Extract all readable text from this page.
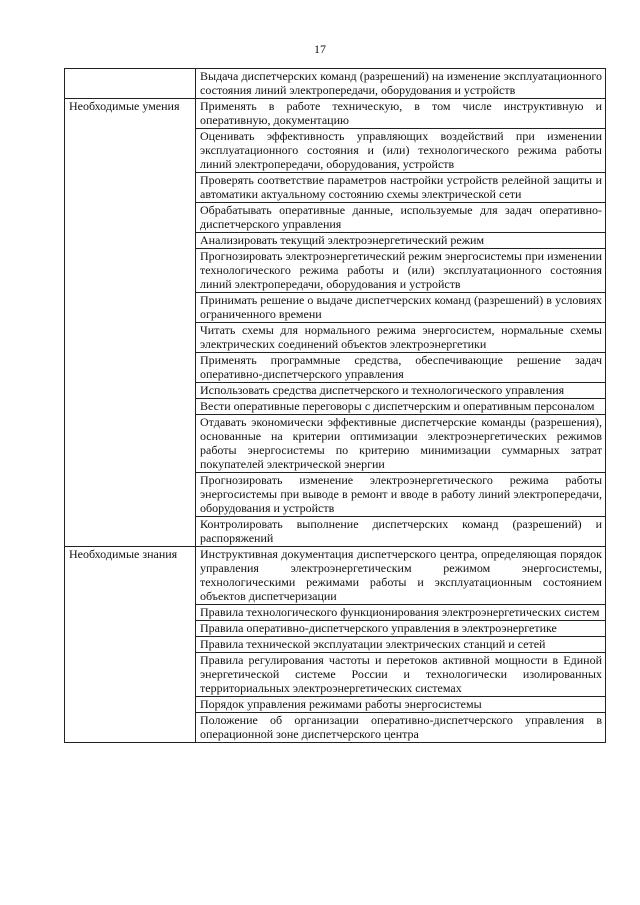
17
	Выдача диспетчерских команд (разрешений) на изменение эксплуатационного состояния линий электропередачи, оборудования и устройств
Необходимые умения	Применять в работе техническую, в том числе инструктивную и оперативную, документацию
	Оценивать эффективность управляющих воздействий при изменении эксплуатационного состояния и (или) технологического режима работы линий электропередачи, оборудования, устройств
	Проверять соответствие параметров настройки устройств релейной защиты и автоматики актуальному состоянию схемы электрической сети
	Обрабатывать оперативные данные, используемые для задач оперативно-диспетчерского управления
	Анализировать текущий электроэнергетический режим
	Прогнозировать электроэнергетический режим энергосистемы при изменении технологического режима работы и (или) эксплуатационного состояния линий электропередачи, оборудования и устройств
	Принимать решение о выдаче диспетчерских команд (разрешений) в условиях ограниченного времени
	Читать схемы для нормального режима энергосистем, нормальные схемы электрических соединений объектов электроэнергетики
	Применять программные средства, обеспечивающие решение задач оперативно-диспетчерского управления
	Использовать средства диспетчерского и технологического управления
	Вести оперативные переговоры с диспетчерским и оперативным персоналом
	Отдавать экономически эффективные диспетчерские команды (разрешения), основанные на критерии оптимизации электроэнергетических режимов работы энергосистемы по критерию минимизации суммарных затрат покупателей электрической энергии
	Прогнозировать изменение электроэнергетического режима работы энергосистемы при выводе в ремонт и вводе в работу линий электропередачи, оборудования и устройств
	Контролировать выполнение диспетчерских команд (разрешений) и распоряжений
Необходимые знания	Инструктивная документация диспетчерского центра, определяющая порядок управления электроэнергетическим режимом энергосистемы, технологическими режимами работы и эксплуатационным состоянием объектов диспетчеризации
	Правила технологического функционирования электроэнергетических систем
	Правила оперативно-диспетчерского управления в электроэнергетике
	Правила технической эксплуатации электрических станций и сетей
	Правила регулирования частоты и перетоков активной мощности в Единой энергетической системе России и технологически изолированных территориальных электроэнергетических системах
	Порядок управления режимами работы энергосистемы
	Положение об организации оперативно-диспетчерского управления в операционной зоне диспетчерского центра
